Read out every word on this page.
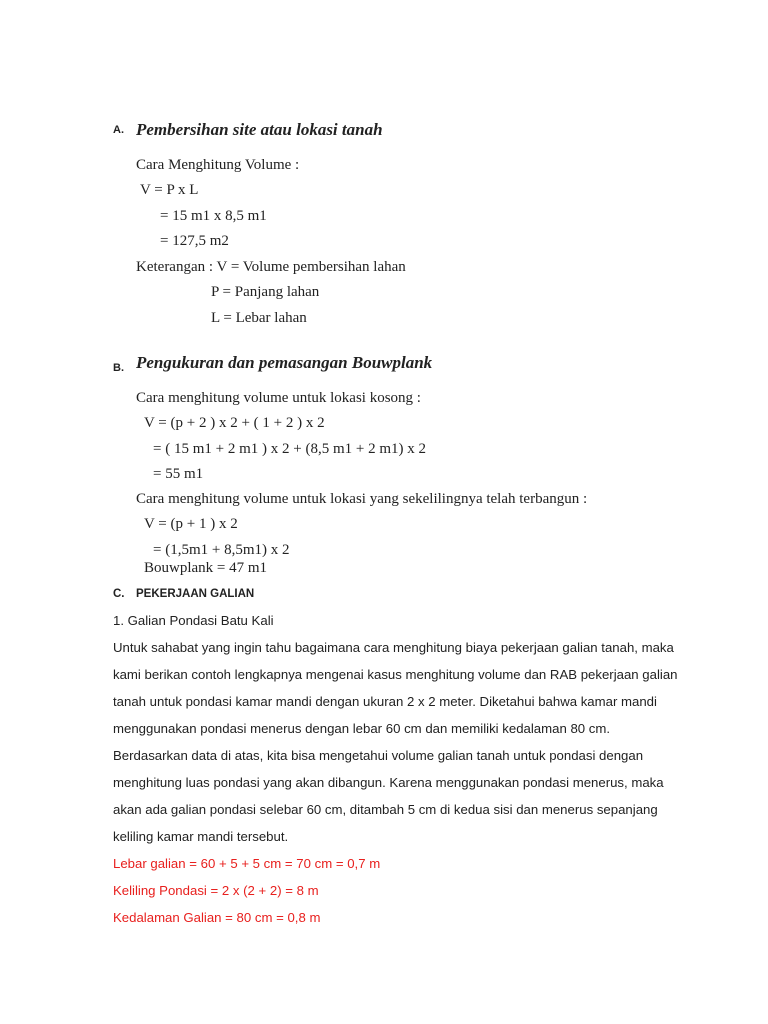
A. Pembersihan site atau lokasi tanah
Cara Menghitung Volume :
V = P x L
= 15 m1 x 8,5 m1
= 127,5 m2
Keterangan : V = Volume pembersihan lahan
P = Panjang lahan
L = Lebar lahan
B. Pengukuran dan pemasangan Bouwplank
Cara menghitung volume untuk lokasi kosong :
V = (p + 2 ) x 2 + ( 1 + 2 ) x 2
= ( 15 m1 + 2 m1 ) x 2 + (8,5 m1 + 2 m1) x 2
= 55 m1
Cara menghitung volume untuk lokasi yang sekelilingnya telah terbangun :
V = (p + 1 ) x 2
= (1,5m1 + 8,5m1) x 2
Bouwplank = 47 m1
C. PEKERJAAN GALIAN
1. Galian Pondasi Batu Kali
Untuk sahabat yang ingin tahu bagaimana cara menghitung biaya pekerjaan galian tanah, maka
kami berikan contoh lengkapnya mengenai kasus menghitung volume dan RAB pekerjaan galian
tanah untuk pondasi kamar mandi dengan ukuran 2 x 2 meter. Diketahui bahwa kamar mandi
menggunakan pondasi menerus dengan lebar 60 cm dan memiliki kedalaman 80 cm.
Berdasarkan data di atas, kita bisa mengetahui volume galian tanah untuk pondasi dengan
menghitung luas pondasi yang akan dibangun. Karena menggunakan pondasi menerus, maka
akan ada galian pondasi selebar 60 cm, ditambah 5 cm di kedua sisi dan menerus sepanjang
keliling kamar mandi tersebut.
Lebar galian = 60 + 5 + 5 cm = 70 cm = 0,7 m
Keliling Pondasi = 2 x (2 + 2) = 8 m
Kedalaman Galian = 80 cm = 0,8 m
